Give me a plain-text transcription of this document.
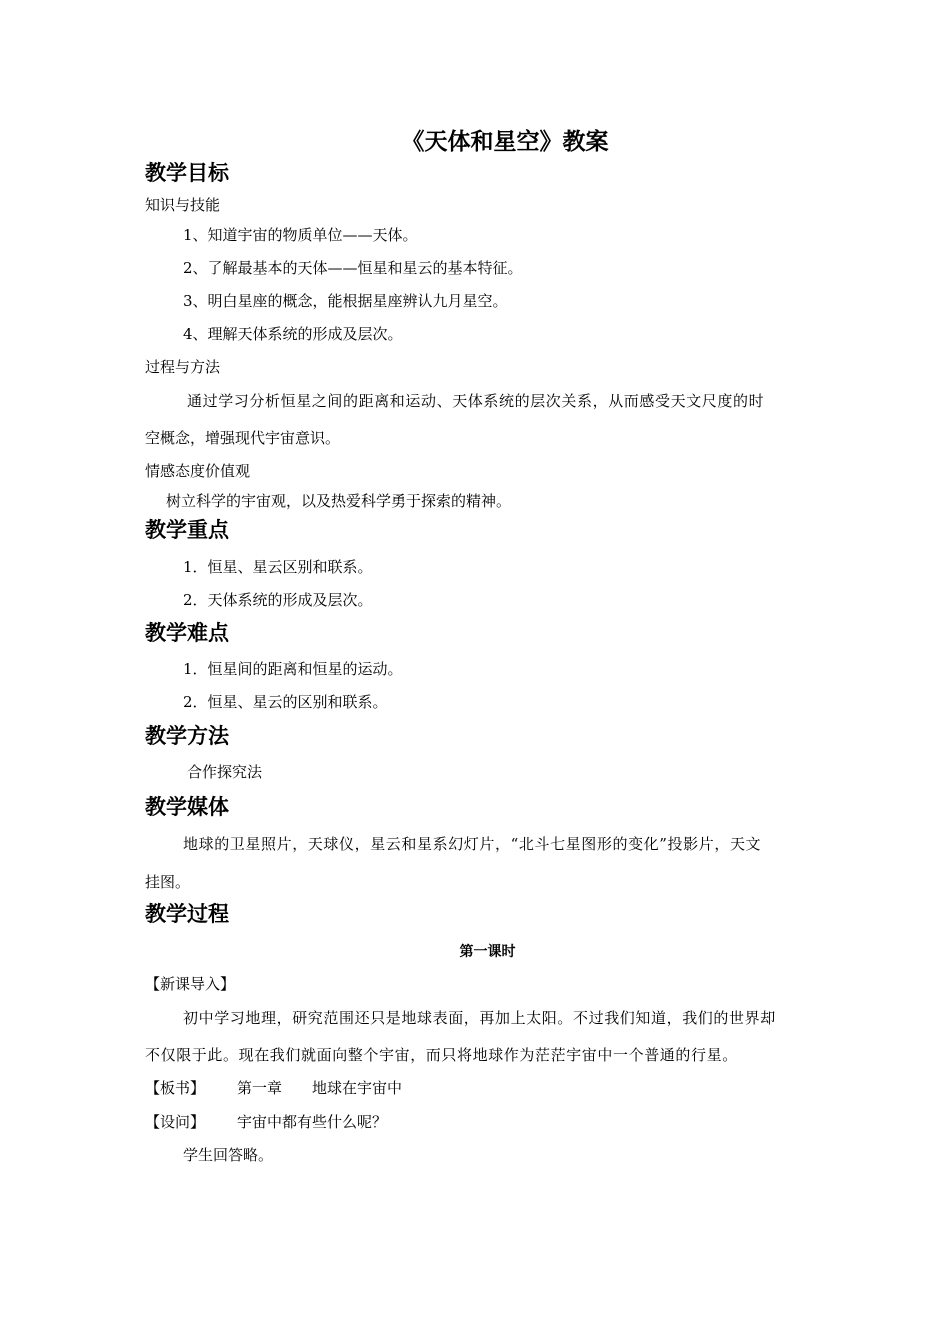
《天体和星空》教案
教学目标
知识与技能
1、知道宇宙的物质单位——天体。
2、了解最基本的天体——恒星和星云的基本特征。
3、明白星座的概念，能根据星座辨认九月星空。
4、理解天体系统的形成及层次。
过程与方法
通过学习分析恒星之间的距离和运动、天体系统的层次关系，从而感受天文尺度的时
空概念，增强现代宇宙意识。
情感态度价值观
树立科学的宇宙观，以及热爱科学勇于探索的精神。
教学重点
1．恒星、星云区别和联系。
2．天体系统的形成及层次。
教学难点
1．恒星间的距离和恒星的运动。
2．恒星、星云的区别和联系。
教学方法
合作探究法
教学媒体
地球的卫星照片，天球仪，星云和星系幻灯片，“北斗七星图形的变化”投影片，天文
挂图。
教学过程
第一课时
【新课导入】
初中学习地理，研究范围还只是地球表面，再加上太阳。不过我们知道，我们的世界却
不仅限于此。现在我们就面向整个宇宙，而只将地球作为茫茫宇宙中一个普通的行星。
【板书】 第一章　　地球在宇宙中
【设问】 宇宙中都有些什么呢？
学生回答略。
